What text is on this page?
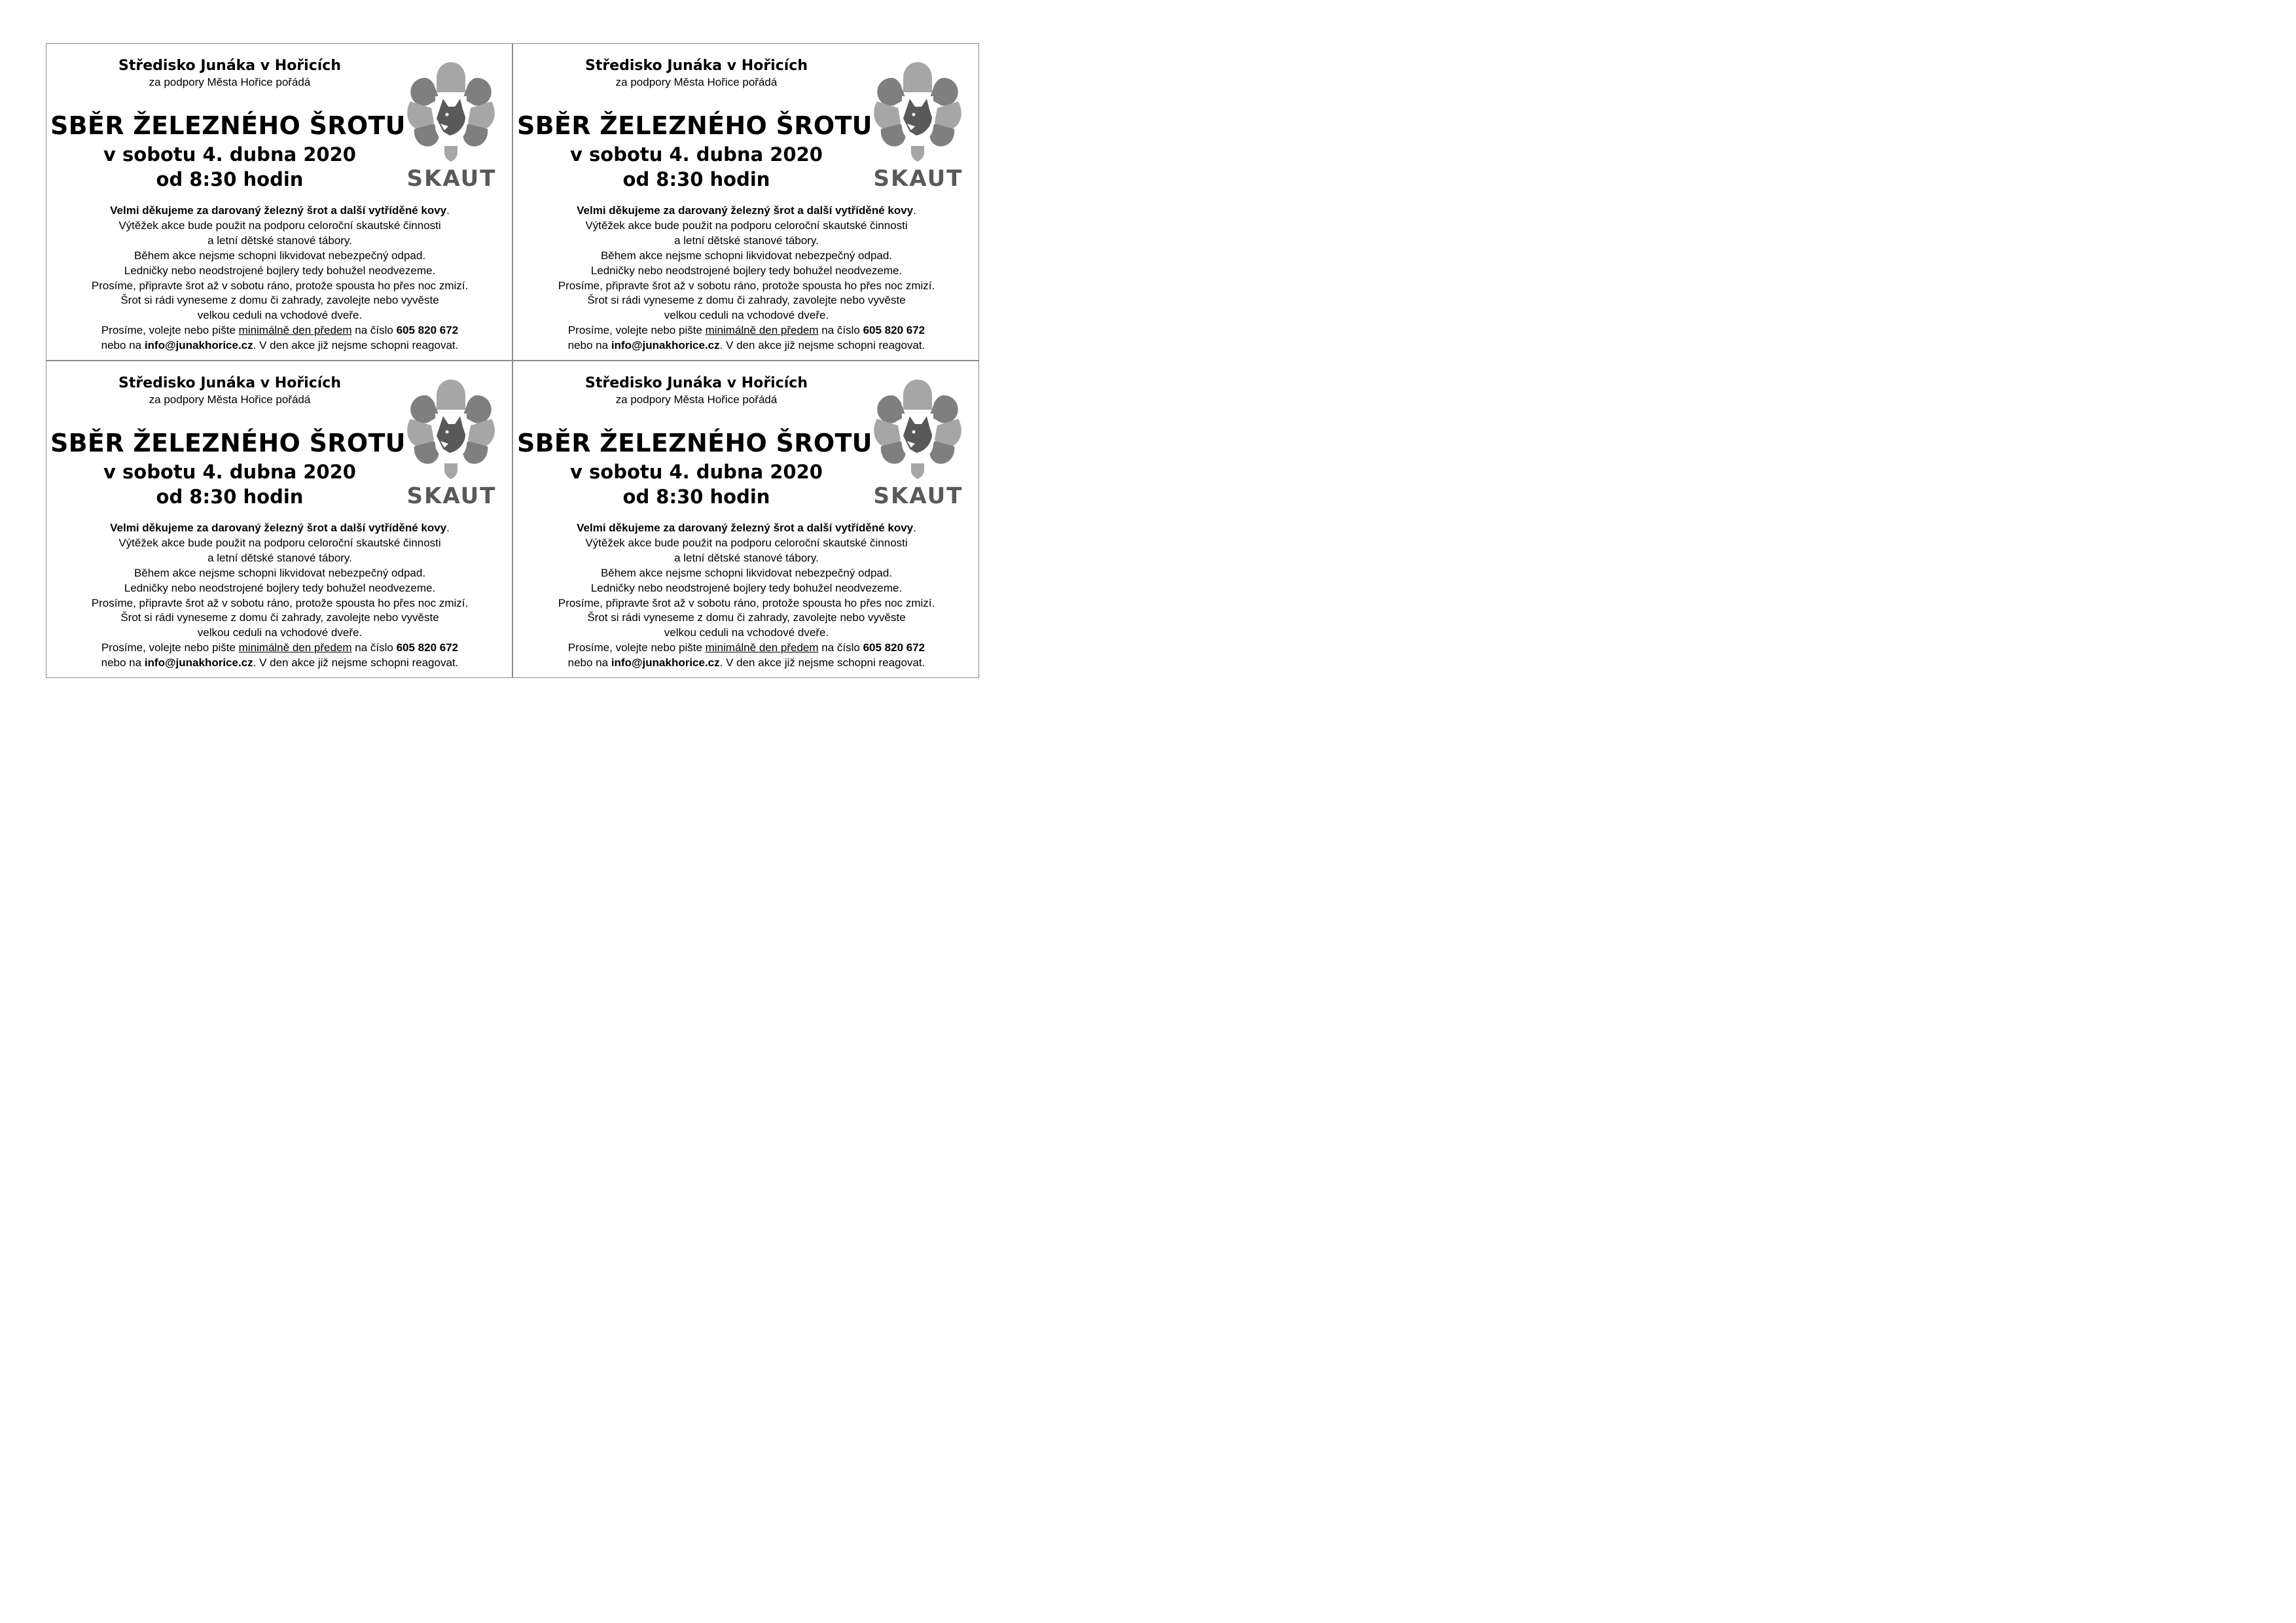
Středisko Junáka v Hořicích
za podpory Města Hořice pořádá
SBĚR ŽELEZNÉHO ŠROTU
v sobotu 4. dubna 2020
od 8:30 hodin	SKAUT
Velmi děkujeme za darovaný železný šrot a další vytříděné kovy.
Výtěžek akce bude použit na podporu celoroční skautské činnosti
a letní dětské stanové tábory.
Během akce nejsme schopni likvidovat nebezpečný odpad.
Ledničky nebo neodstrojené bojlery tedy bohužel neodvezeme.
Prosíme, připravte šrot až v sobotu ráno, protože spousta ho přes noc zmizí.
Šrot si rádi vyneseme z domu či zahrady, zavolejte nebo vyvěste
velkou ceduli na vchodové dveře.
Prosíme, volejte nebo pište minimálně den předem na číslo 605 820 672
nebo na info@junakhorice.cz. V den akce již nejsme schopni reagovat.
Středisko Junáka v Hořicích
za podpory Města Hořice pořádá
SBĚR ŽELEZNÉHO ŠROTU
v sobotu 4. dubna 2020
od 8:30 hodin	SKAUT
Velmi děkujeme za darovaný železný šrot a další vytříděné kovy.
Výtěžek akce bude použit na podporu celoroční skautské činnosti
a letní dětské stanové tábory.
Během akce nejsme schopni likvidovat nebezpečný odpad.
Ledničky nebo neodstrojené bojlery tedy bohužel neodvezeme.
Prosíme, připravte šrot až v sobotu ráno, protože spousta ho přes noc zmizí.
Šrot si rádi vyneseme z domu či zahrady, zavolejte nebo vyvěste
velkou ceduli na vchodové dveře.
Prosíme, volejte nebo pište minimálně den předem na číslo 605 820 672
nebo na info@junakhorice.cz. V den akce již nejsme schopni reagovat.
Středisko Junáka v Hořicích
za podpory Města Hořice pořádá
SBĚR ŽELEZNÉHO ŠROTU
v sobotu 4. dubna 2020
od 8:30 hodin	SKAUT
Velmi děkujeme za darovaný železný šrot a další vytříděné kovy.
Výtěžek akce bude použit na podporu celoroční skautské činnosti
a letní dětské stanové tábory.
Během akce nejsme schopni likvidovat nebezpečný odpad.
Ledničky nebo neodstrojené bojlery tedy bohužel neodvezeme.
Prosíme, připravte šrot až v sobotu ráno, protože spousta ho přes noc zmizí.
Šrot si rádi vyneseme z domu či zahrady, zavolejte nebo vyvěste
velkou ceduli na vchodové dveře.
Prosíme, volejte nebo pište minimálně den předem na číslo 605 820 672
nebo na info@junakhorice.cz. V den akce již nejsme schopni reagovat.
Středisko Junáka v Hořicích
za podpory Města Hořice pořádá
SBĚR ŽELEZNÉHO ŠROTU
v sobotu 4. dubna 2020
od 8:30 hodin	SKAUT
Velmi děkujeme za darovaný železný šrot a další vytříděné kovy.
Výtěžek akce bude použit na podporu celoroční skautské činnosti
a letní dětské stanové tábory.
Během akce nejsme schopni likvidovat nebezpečný odpad.
Ledničky nebo neodstrojené bojlery tedy bohužel neodvezeme.
Prosíme, připravte šrot až v sobotu ráno, protože spousta ho přes noc zmizí.
Šrot si rádi vyneseme z domu či zahrady, zavolejte nebo vyvěste
velkou ceduli na vchodové dveře.
Prosíme, volejte nebo pište minimálně den předem na číslo 605 820 672
nebo na info@junakhorice.cz. V den akce již nejsme schopni reagovat.
